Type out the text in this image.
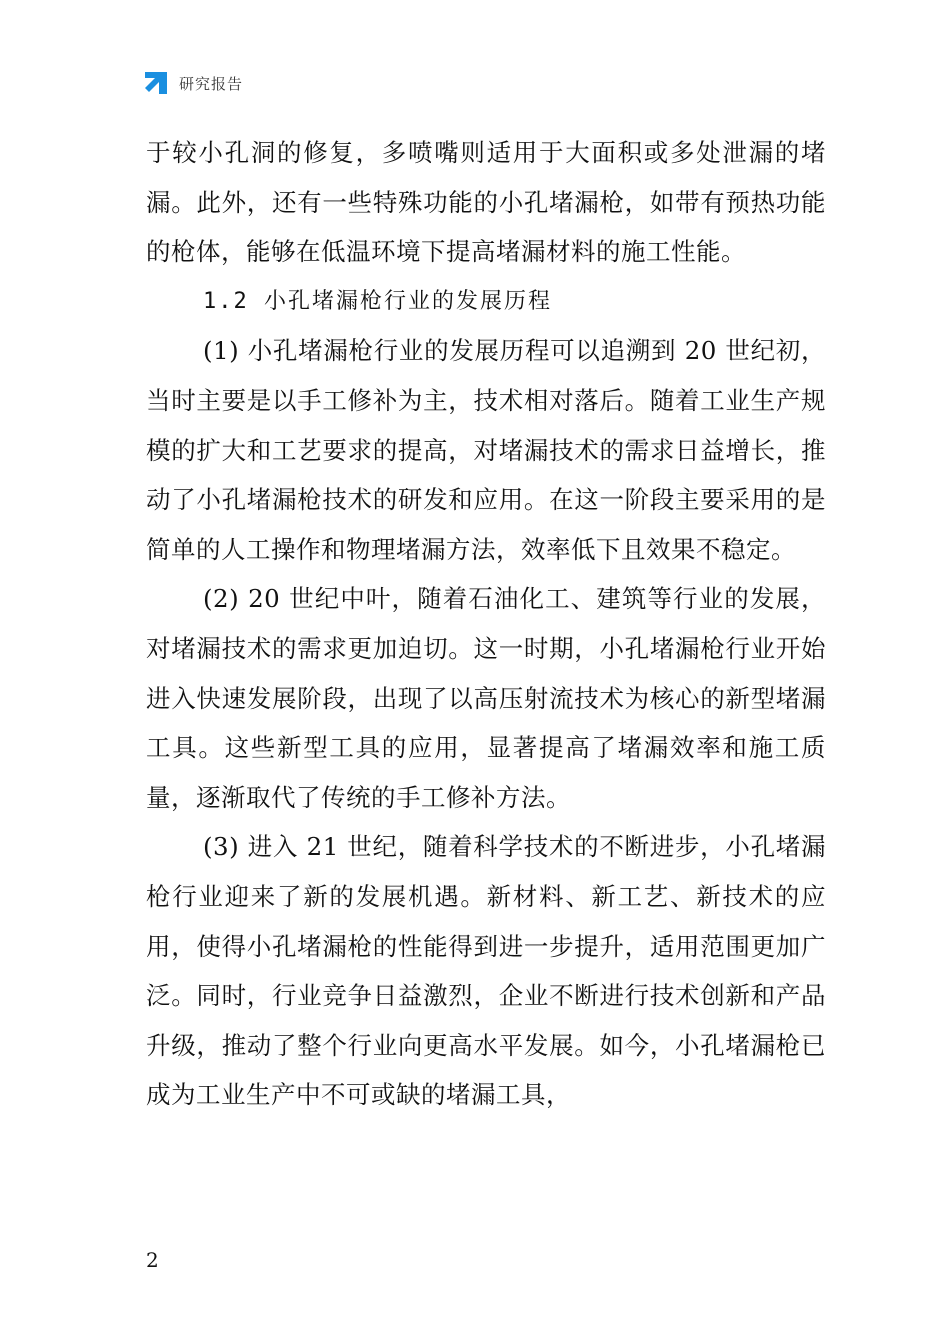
研究报告

于较小孔洞的修复，多喷嘴则适用于大面积或多处泄漏的堵漏。此外，还有一些特殊功能的小孔堵漏枪，如带有预热功能的枪体，能够在低温环境下提高堵漏材料的施工性能。

1.2 小孔堵漏枪行业的发展历程

(1) 小孔堵漏枪行业的发展历程可以追溯到 20 世纪初，当时主要是以手工修补为主，技术相对落后。随着工业生产规模的扩大和工艺要求的提高，对堵漏技术的需求日益增长，推动了小孔堵漏枪技术的研发和应用。在这一阶段主要采用的是简单的人工操作和物理堵漏方法，效率低下且效果不稳定。

(2) 20 世纪中叶，随着石油化工、建筑等行业的发展，对堵漏技术的需求更加迫切。这一时期，小孔堵漏枪行业开始进入快速发展阶段，出现了以高压射流技术为核心的新型堵漏工具。这些新型工具的应用，显著提高了堵漏效率和施工质量，逐渐取代了传统的手工修补方法。

(3) 进入 21 世纪，随着科学技术的不断进步，小孔堵漏枪行业迎来了新的发展机遇。新材料、新工艺、新技术的应用，使得小孔堵漏枪的性能得到进一步提升，适用范围更加广泛。同时，行业竞争日益激烈，企业不断进行技术创新和产品升级，推动了整个行业向更高水平发展。如今，小孔堵漏枪已成为工业生产中不可或缺的堵漏工具，

2
